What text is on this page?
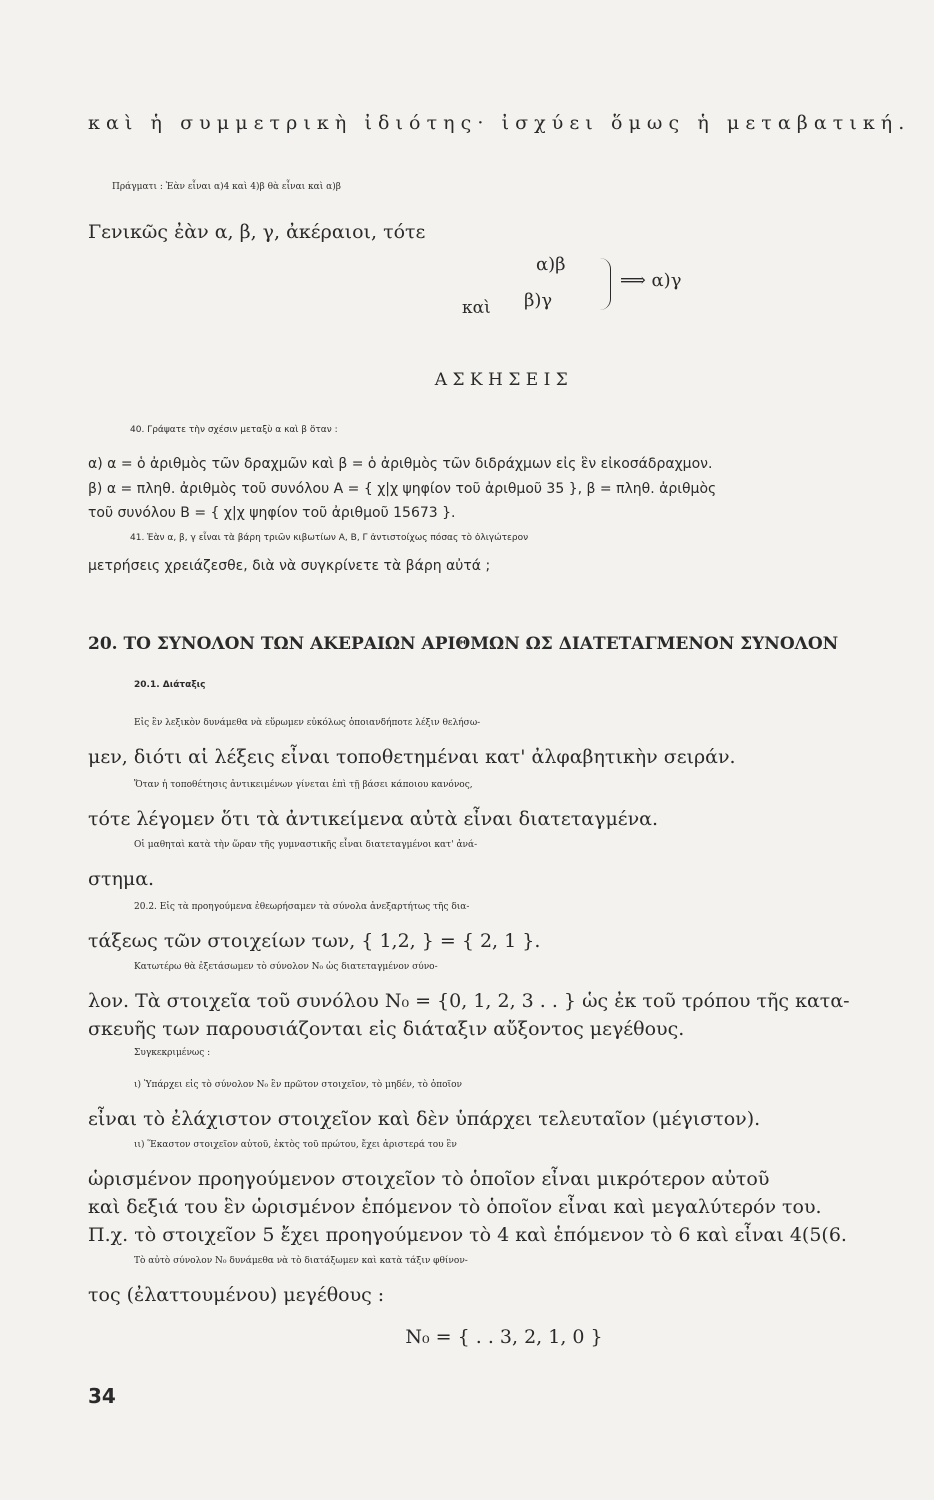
καὶ ἡ συμμετρικὴ ἰδιότης· ἰσχύει ὅμως ἡ μεταβατική.
Πράγματι : Ἐὰν εἶναι α)4 καὶ 4)β θὰ εἶναι καὶ α)β
Γενικῶς ἐὰν α, β, γ, ἀκέραιοι, τότε
α)β
καὶ β)γ
⟹ α)γ
ΑΣΚΗΣΕΙΣ
40. Γράψατε τὴν σχέσιν μεταξὺ α καὶ β ὅταν :
α) α = ὁ ἀριθμὸς τῶν δραχμῶν καὶ β = ὁ ἀριθμὸς τῶν διδράχμων εἰς ἓν εἰκοσάδραχμον.
β) α = πληθ. ἀριθμὸς τοῦ συνόλου Α = { χ|χ ψηφίον τοῦ ἀριθμοῦ 35 }, β = πληθ. ἀριθμὸς
τοῦ συνόλου Β = { χ|χ ψηφίον τοῦ ἀριθμοῦ 15673 }.
41. Ἐὰν α, β, γ εἶναι τὰ βάρη τριῶν κιβωτίων Α, Β, Γ ἀντιστοίχως πόσας τὸ ὀλιγώτερον
μετρήσεις χρειάζεσθε, διὰ νὰ συγκρίνετε τὰ βάρη αὐτά ;
20. ΤΟ ΣΥΝΟΛΟΝ ΤΩΝ ΑΚΕΡΑΙΩΝ ΑΡΙΘΜΩΝ ΩΣ ΔΙΑΤΕΤΑΓΜΕΝΟΝ ΣΥΝΟΛΟΝ
20.1. Διάταξις
Εἰς ἓν λεξικὸν δυνάμεθα νὰ εὕρωμεν εὐκόλως ὁποιανδήποτε λέξιν θελήσω-
μεν, διότι αἱ λέξεις εἶναι τοποθετημέναι κατ' ἀλφαβητικὴν σειράν.
Ὅταν ἡ τοποθέτησις ἀντικειμένων γίνεται ἐπὶ τῇ βάσει κάποιου κανόνος,
τότε λέγομεν ὅτι τὰ ἀντικείμενα αὐτὰ εἶναι διατεταγμένα.
Οἱ μαθηταὶ κατὰ τὴν ὥραν τῆς γυμναστικῆς εἶναι διατεταγμένοι κατ' ἀνά-
στημα.
20.2. Εἰς τὰ προηγούμενα ἐθεωρήσαμεν τὰ σύνολα ἀνεξαρτήτως τῆς δια-
τάξεως τῶν στοιχείων των, { 1,2, } = { 2, 1 }.
Κατωτέρω θὰ ἐξετάσωμεν τὸ σύνολον N₀ ὡς διατεταγμένον σύνο-
λον. Τὰ στοιχεῖα τοῦ συνόλου N₀ = {0, 1, 2, 3 . . } ὡς ἐκ τοῦ τρόπου τῆς κατα-
σκευῆς των παρουσιάζονται εἰς διάταξιν αὔξοντος μεγέθους.
Συγκεκριμένως :
ι) Ὑπάρχει εἰς τὸ σύνολον N₀ ἓν πρῶτον στοιχεῖον, τὸ μηδέν, τὸ ὁποῖον
εἶναι τὸ ἐλάχιστον στοιχεῖον καὶ δὲν ὑπάρχει τελευταῖον (μέγιστον).
ιι) Ἕκαστον στοιχεῖον αὐτοῦ, ἐκτὸς τοῦ πρώτου, ἔχει ἀριστερά του ἓν
ὡρισμένον προηγούμενον στοιχεῖον τὸ ὁποῖον εἶναι μικρότερον αὐτοῦ
καὶ δεξιά του ἓν ὡρισμένον ἑπόμενον τὸ ὁποῖον εἶναι καὶ μεγαλύτερόν του.
Π.χ. τὸ στοιχεῖον 5 ἔχει προηγούμενον τὸ 4 καὶ ἑπόμενον τὸ 6 καὶ εἶναι 4(5(6.
Τὸ αὐτὸ σύνολον N₀ δυνάμεθα νὰ τὸ διατάξωμεν καὶ κατὰ τάξιν φθίνον-
τος (ἐλαττουμένου) μεγέθους :
N₀ = { . . 3, 2, 1, 0 }
34
